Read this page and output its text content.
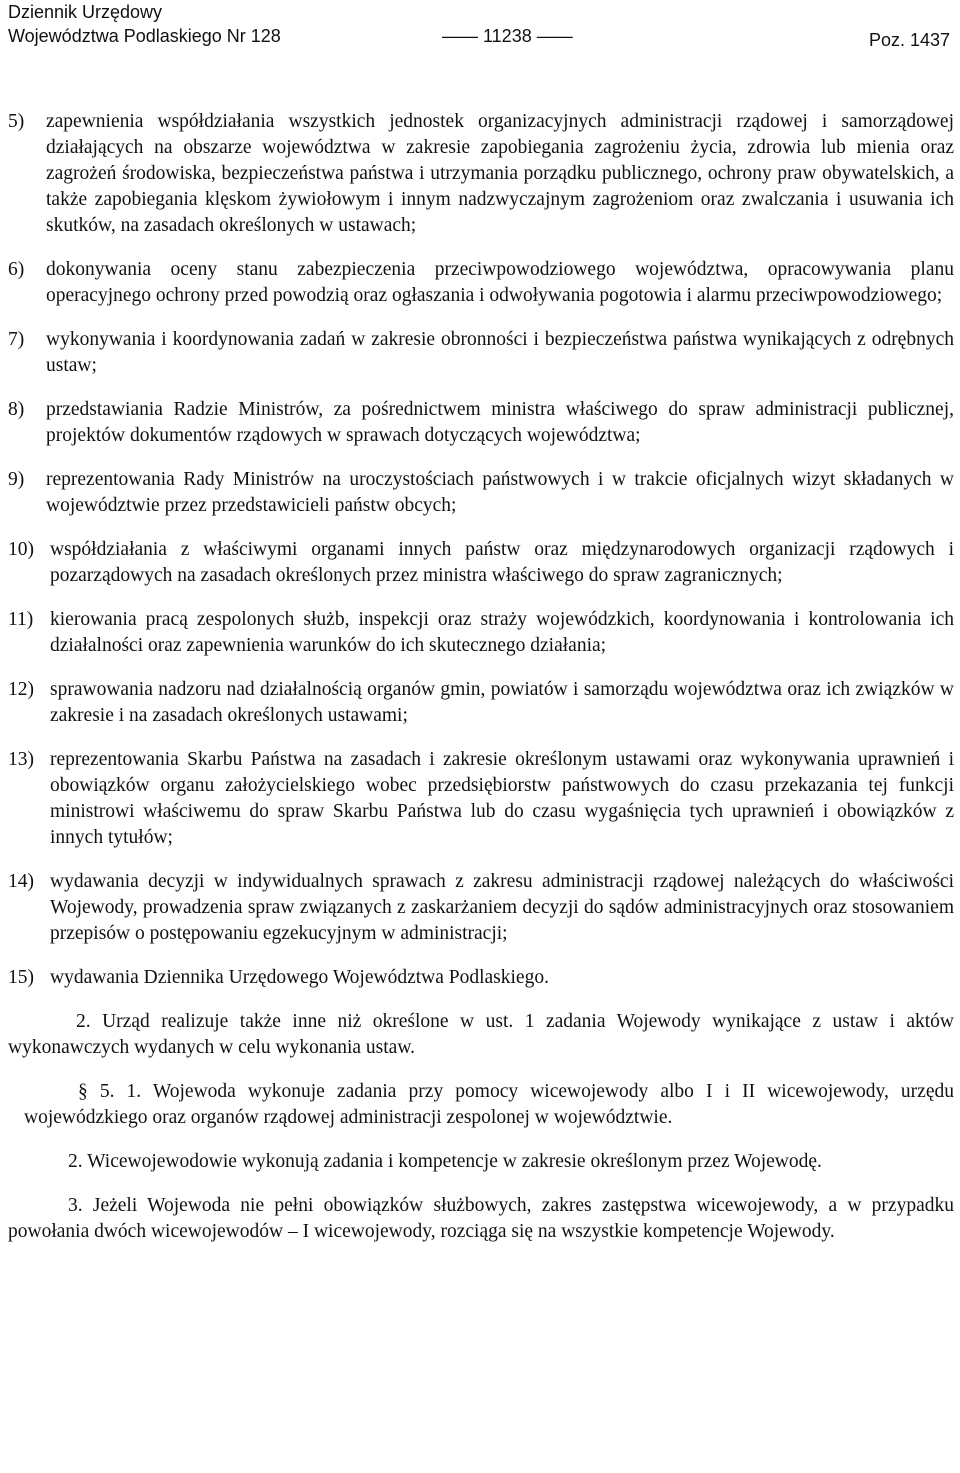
Dziennik Urzędowy
Województwa Podlaskiego Nr 128	—— 11238 ——	Poz. 1437
5) zapewnienia współdziałania wszystkich jednostek organizacyjnych administracji rządowej i samorządowej działających na obszarze województwa w zakresie zapobiegania zagrożeniu życia, zdrowia lub mienia oraz zagrożeń środowiska, bezpieczeństwa państwa i utrzymania porządku publicznego, ochrony praw obywatelskich, a także zapobiegania klęskom żywiołowym i innym nadzwyczajnym zagrożeniom oraz zwalczania i usuwania ich skutków, na zasadach określonych w ustawach;
6) dokonywania oceny stanu zabezpieczenia przeciwpowodziowego województwa, opracowywania planu operacyjnego ochrony przed powodzią oraz ogłaszania i odwoływania pogotowia i alarmu przeciwpowodziowego;
7) wykonywania i koordynowania zadań w zakresie obronności i bezpieczeństwa państwa wynikających z odrębnych ustaw;
8) przedstawiania Radzie Ministrów, za pośrednictwem ministra właściwego do spraw administracji publicznej, projektów dokumentów rządowych w sprawach dotyczących województwa;
9) reprezentowania Rady Ministrów na uroczystościach państwowych i w trakcie oficjalnych wizyt składanych w województwie przez przedstawicieli państw obcych;
10) współdziałania z właściwymi organami innych państw oraz międzynarodowych organizacji rządowych i pozarządowych na zasadach określonych przez ministra właściwego do spraw zagranicznych;
11) kierowania pracą zespolonych służb, inspekcji oraz straży wojewódzkich, koordynowania i kontrolowania ich działalności oraz zapewnienia warunków do ich skutecznego działania;
12) sprawowania nadzoru nad działalnością organów gmin, powiatów i samorządu województwa oraz ich związków w zakresie i na zasadach określonych ustawami;
13) reprezentowania Skarbu Państwa na zasadach i zakresie określonym ustawami oraz wykonywania uprawnień i obowiązków organu założycielskiego wobec przedsiębiorstw państwowych do czasu przekazania tej funkcji ministrowi właściwemu do spraw Skarbu Państwa lub do czasu wygaśnięcia tych uprawnień i obowiązków z innych tytułów;
14) wydawania decyzji w indywidualnych sprawach z zakresu administracji rządowej należących do właściwości Wojewody, prowadzenia spraw związanych z zaskarżaniem decyzji do sądów administracyjnych oraz stosowaniem przepisów o postępowaniu egzekucyjnym w administracji;
15) wydawania Dziennika Urzędowego Województwa Podlaskiego.
2. Urząd realizuje także inne niż określone w ust. 1 zadania Wojewody wynikające z ustaw i aktów wykonawczych wydanych w celu wykonania ustaw.
§ 5. 1. Wojewoda wykonuje zadania przy pomocy wicewojewody albo I i II wicewojewody, urzędu wojewódzkiego oraz organów rządowej administracji zespolonej w województwie.
2. Wicewojewodowie wykonują zadania i kompetencje w zakresie określonym przez Wojewodę.
3. Jeżeli Wojewoda nie pełni obowiązków służbowych, zakres zastępstwa wicewojewody, a w przypadku powołania dwóch wicewojewodów – I wicewojewody, rozciąga się na wszystkie kompetencje Wojewody.
